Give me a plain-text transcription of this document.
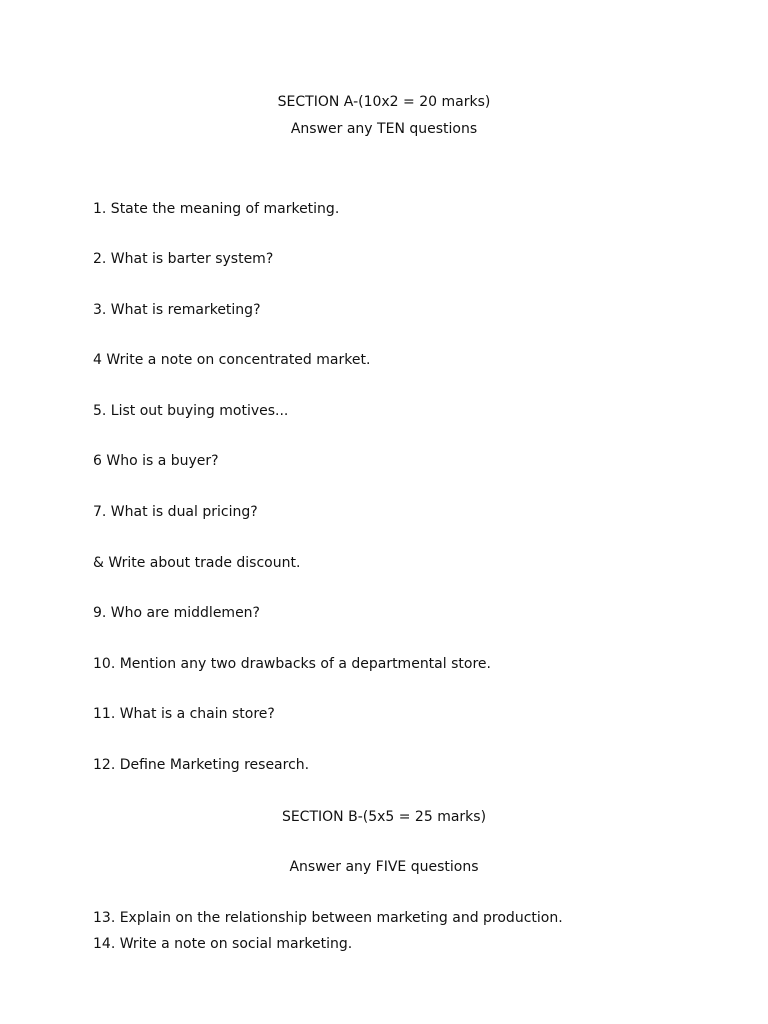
SECTION A-(10x2 = 20 marks)
Answer any TEN questions
1. State the meaning of marketing.
2. What is barter system?
3. What is remarketing?
4 Write a note on concentrated market.
5. List out buying motives...
6 Who is a buyer?
7. What is dual pricing?
& Write about trade discount.
9. Who are middlemen?
10. Mention any two drawbacks of a departmental store.
11. What is a chain store?
12. Define Marketing research.
SECTION B-(5x5 = 25 marks)
Answer any FIVE questions
13. Explain on the relationship between marketing and production.
14. Write a note on social marketing.
